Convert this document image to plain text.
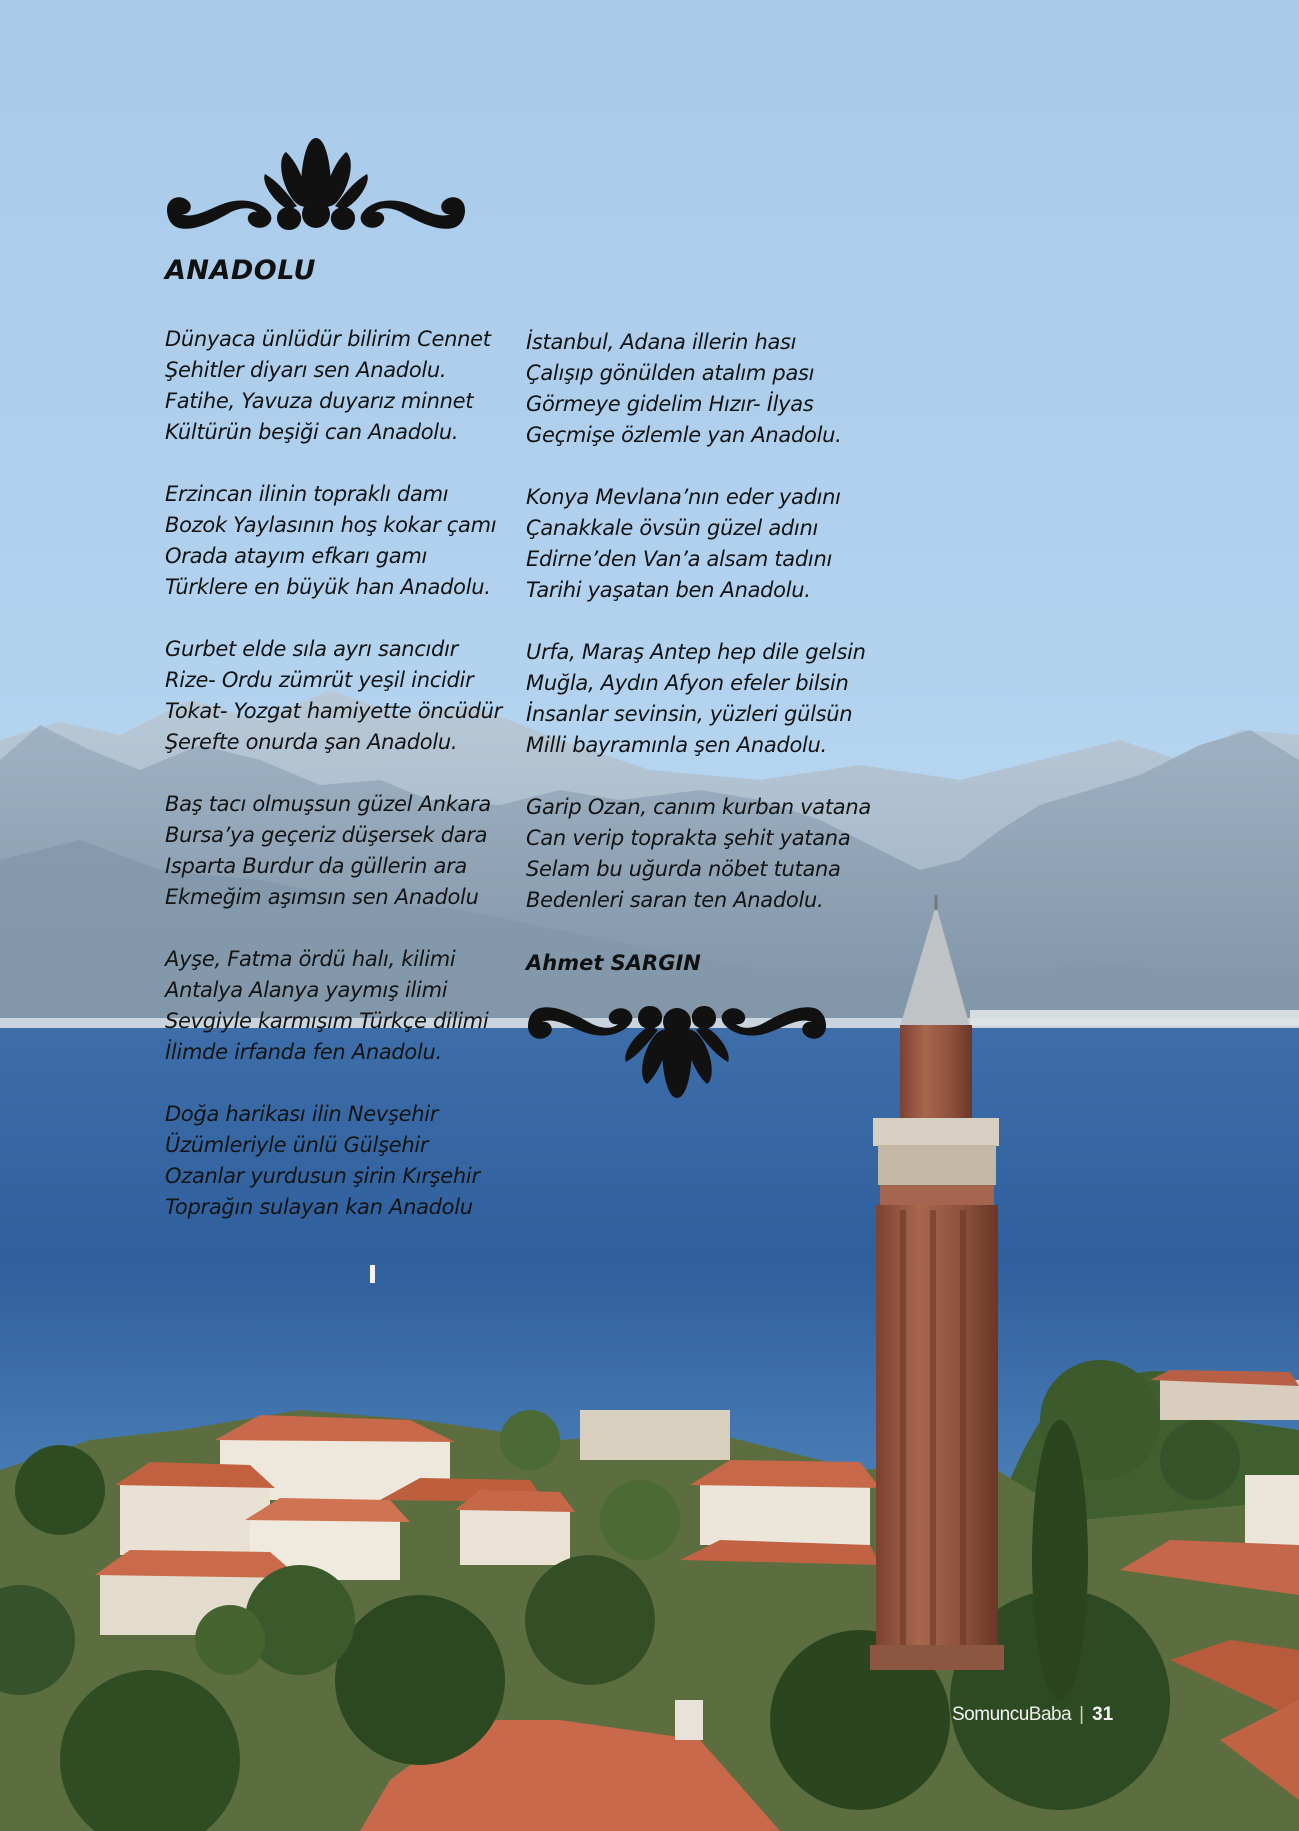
ANADOLU
Dünyaca ünlüdür bilirim Cennet
Şehitler diyarı sen Anadolu.
Fatihe, Yavuza duyarız minnet
Kültürün beşiği can Anadolu.
Erzincan ilinin topraklı damı
Bozok Yaylasının hoş kokar çamı
Orada atayım efkarı gamı
Türklere en büyük han Anadolu.
Gurbet elde sıla ayrı sancıdır
Rize- Ordu zümrüt yeşil incidir
Tokat- Yozgat hamiyette öncüdür
Şerefte onurda şan Anadolu.
Baş tacı olmuşsun güzel Ankara
Bursa’ya geçeriz düşersek dara
Isparta Burdur da güllerin ara
Ekmeğim aşımsın sen Anadolu
Ayşe, Fatma ördü halı, kilimi
Antalya Alanya yaymış ilimi
Sevgiyle karmışım Türkçe dilimi
İlimde irfanda fen Anadolu.
Doğa harikası ilin Nevşehir
Üzümleriyle ünlü Gülşehir
Ozanlar yurdusun şirin Kırşehir
Toprağın sulayan kan Anadolu
İstanbul, Adana illerin hası
Çalışıp gönülden atalım pası
Görmeye gidelim Hızır- İlyas
Geçmişe özlemle yan Anadolu.
Konya Mevlana’nın eder yadını
Çanakkale övsün güzel adını
Edirne’den Van’a alsam tadını
Tarihi yaşatan ben Anadolu.
Urfa, Maraş Antep hep dile gelsin
Muğla, Aydın Afyon efeler bilsin
İnsanlar sevinsin, yüzleri gülsün
Milli bayramınla şen Anadolu.
Garip Ozan, canım kurban vatana
Can verip toprakta şehit yatana
Selam bu uğurda nöbet tutana
Bedenleri saran ten Anadolu.

Ahmet SARGIN

SomuncuBaba | 31
